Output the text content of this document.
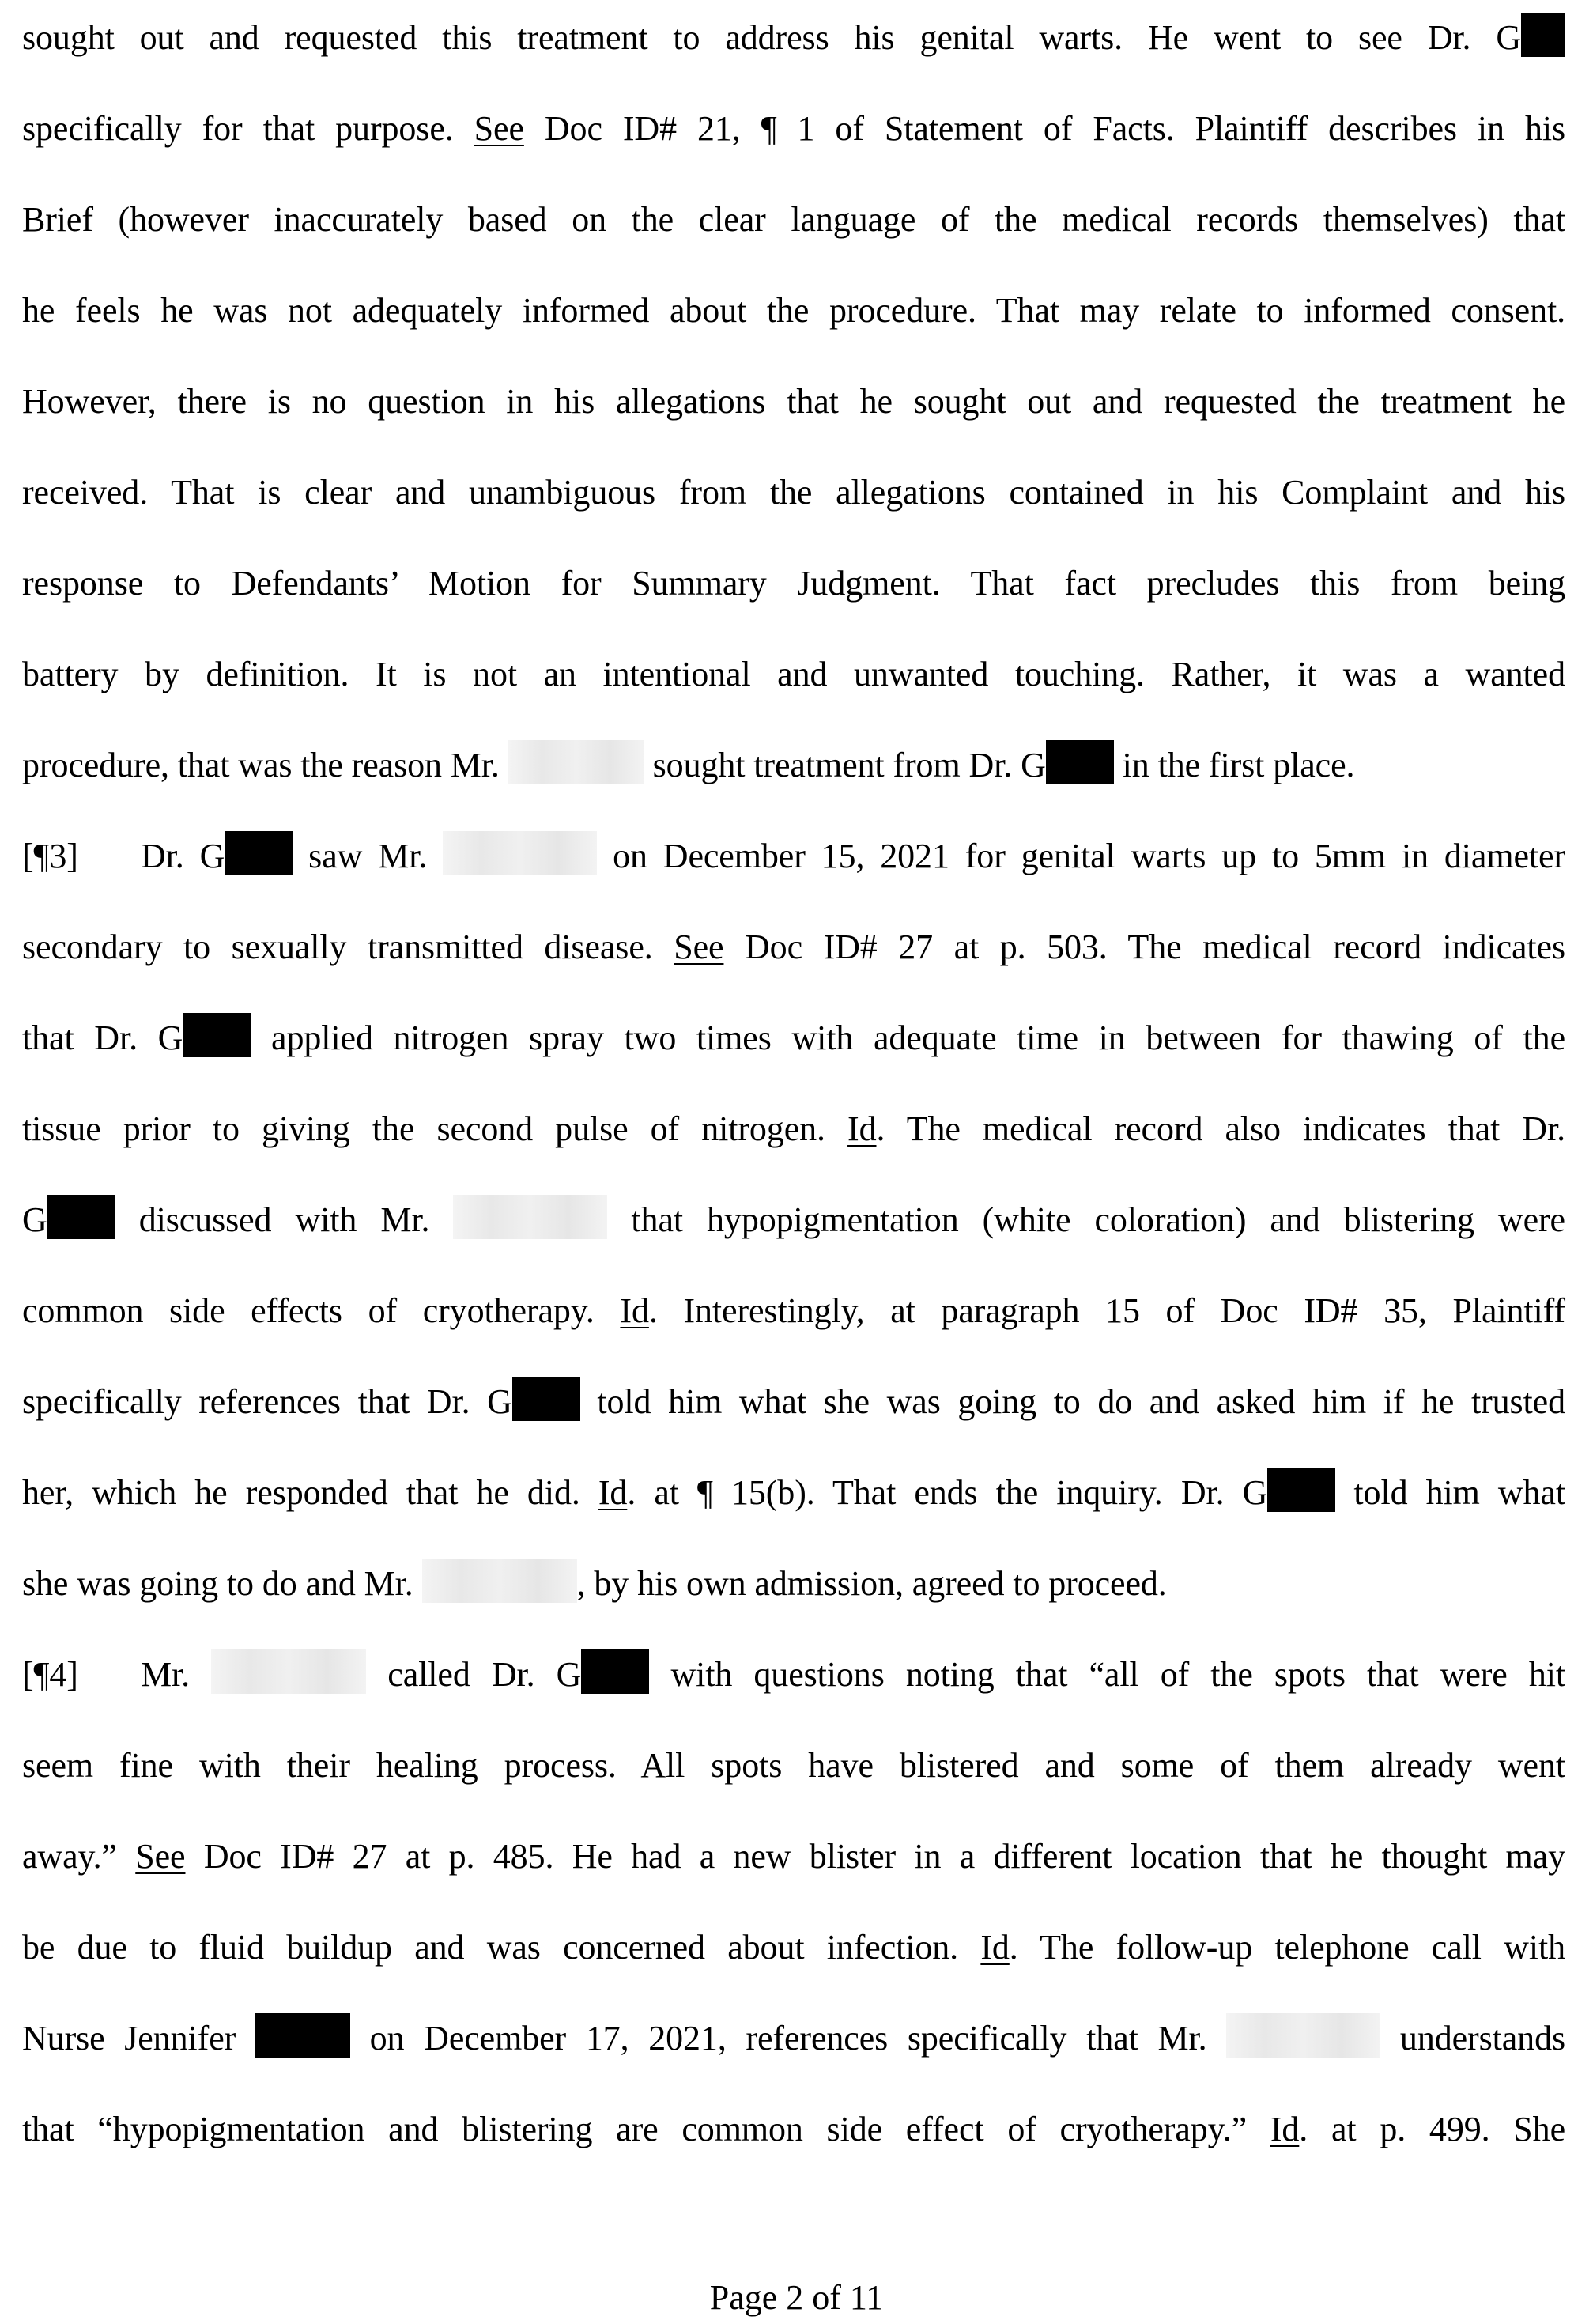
sought out and requested this treatment to address his genital warts. He went to see Dr. G
specifically for that purpose. See Doc ID# 21, ¶ 1 of Statement of Facts. Plaintiff describes in his
Brief (however inaccurately based on the clear language of the medical records themselves) that
he feels he was not adequately informed about the procedure. That may relate to informed consent.
However, there is no question in his allegations that he sought out and requested the treatment he
received. That is clear and unambiguous from the allegations contained in his Complaint and his
response to Defendants’ Motion for Summary Judgment. That fact precludes this from being
battery by definition. It is not an intentional and unwanted touching. Rather, it was a wanted
procedure, that was the reason Mr.	sought treatment from Dr. G in the first place.
[¶3] Dr. G saw Mr.	on December 15, 2021 for genital warts up to 5mm in diameter
secondary to sexually transmitted disease. See Doc ID# 27 at p. 503. The medical record indicates
that Dr. G applied nitrogen spray two times with adequate time in between for thawing of the
tissue prior to giving the second pulse of nitrogen. Id. The medical record also indicates that Dr.
G discussed with Mr.	that hypopigmentation (white coloration) and blistering were
common side effects of cryotherapy. Id. Interestingly, at paragraph 15 of Doc ID# 35, Plaintiff
specifically references that Dr. G told him what she was going to do and asked him if he trusted
her, which he responded that he did. Id. at ¶ 15(b). That ends the inquiry. Dr. G told him what
she was going to do and Mr.	, by his own admission, agreed to proceed.
[¶4] Mr.	called Dr. G with questions noting that “all of the spots that were hit
seem fine with their healing process. All spots have blistered and some of them already went
away.” See Doc ID# 27 at p. 485. He had a new blister in a different location that he thought may
be due to fluid buildup and was concerned about infection. Id. The follow-up telephone call with
Nurse Jennifer	on December 17, 2021, references specifically that Mr.	understands
that “hypopigmentation and blistering are common side effect of cryotherapy.” Id. at p. 499. She
Page 2 of 11
